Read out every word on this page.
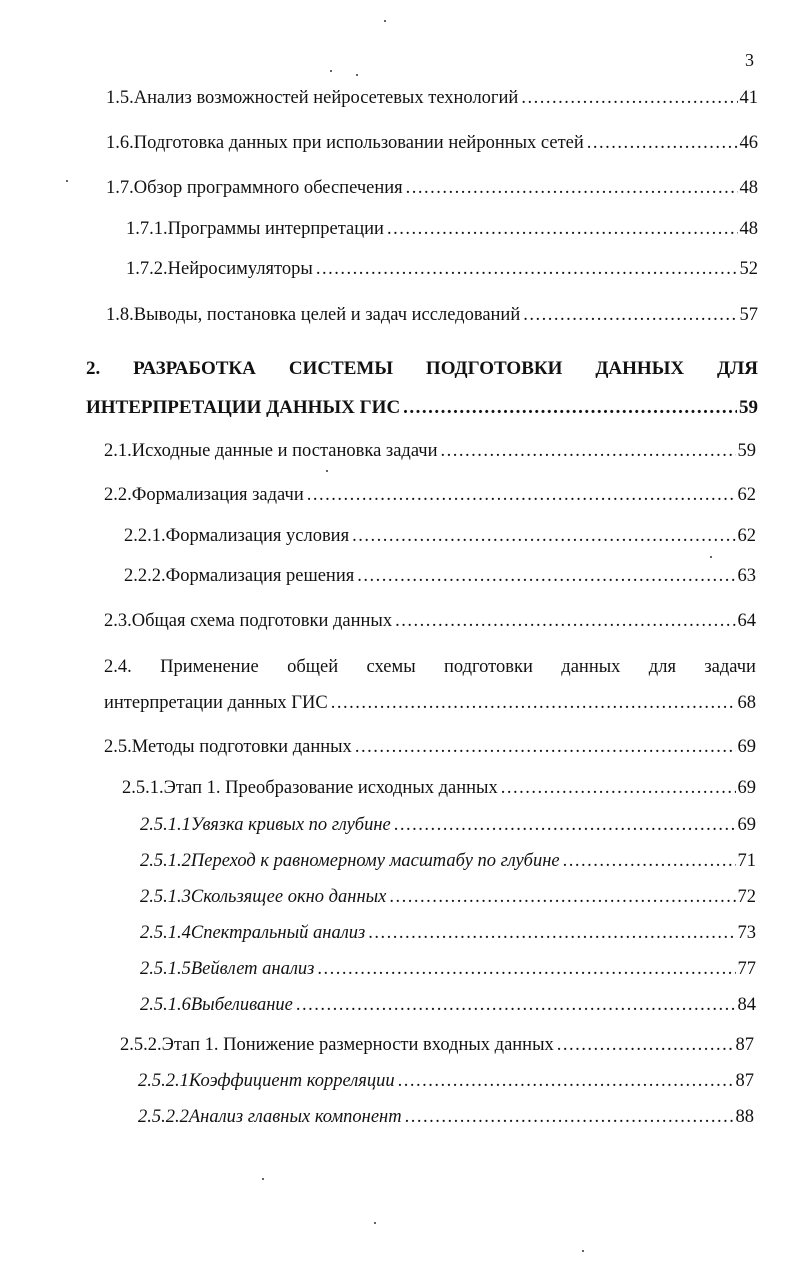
3
1.5. Анализ возможностей нейросетевых технологий .....	41
1.6. Подготовка данных при использовании нейронных сетей .....	46
1.7. Обзор программного обеспечения .....	48
1.7.1. Программы интерпретации .....	48
1.7.2. Нейросимуляторы .....	52
1.8. Выводы, постановка целей и задач исследований .....	57
2. РАЗРАБОТКА СИСТЕМЫ ПОДГОТОВКИ ДАННЫХ ДЛЯ
ИНТЕРПРЕТАЦИИ ДАННЫХ ГИС .....	59
2.1. Исходные данные и постановка задачи .....	59
2.2. Формализация задачи .....	62
2.2.1. Формализация условия .....	62
2.2.2. Формализация решения .....	63
2.3. Общая схема подготовки данных .....	64
2.4. Применение общей схемы подготовки данных для задачи
интерпретации данных ГИС .....	68
2.5. Методы подготовки данных .....	69
2.5.1. Этап 1. Преобразование исходных данных .....	69
2.5.1.1 Увязка кривых по глубине .....	69
2.5.1.2 Переход к равномерному масштабу по глубине .....	71
2.5.1.3 Скользящее окно данных .....	72
2.5.1.4 Спектральный анализ .....	73
2.5.1.5 Вейвлет анализ .....	77
2.5.1.6 Выбеливание .....	84
2.5.2. Этап 1. Понижение размерности входных данных .....	87
2.5.2.1 Коэффициент корреляции .....	87
2.5.2.2 Анализ главных компонент .....	88
